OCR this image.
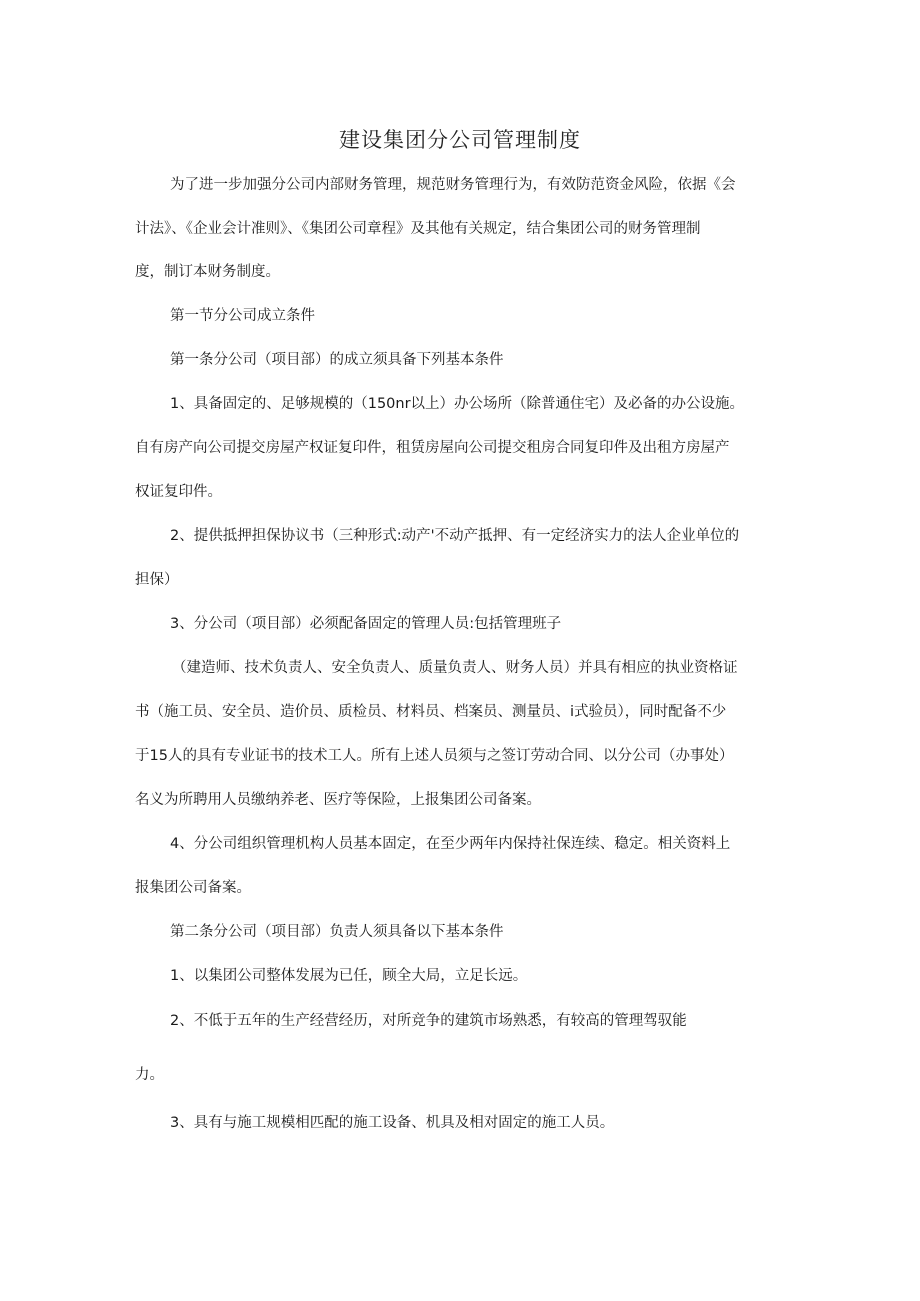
建设集团分公司管理制度
为了进一步加强分公司内部财务管理，规范财务管理行为，有效防范资金风险，依据《会
计法》、《企业会计准则》、《集团公司章程》及其他有关规定，结合集团公司的财务管理制
度，制订本财务制度。
第一节分公司成立条件
第一条分公司（项目部）的成立须具备下列基本条件
1、具备固定的、足够规模的（150nr以上）办公场所（除普通住宅）及必备的办公设施。
自有房产向公司提交房屋产权证复印件，租赁房屋向公司提交租房合同复印件及出租方房屋产
权证复印件。
2、提供抵押担保协议书（三种形式:动产'不动产抵押、有一定经济实力的法人企业单位的
担保）
3、分公司（项目部）必须配备固定的管理人员:包括管理班子
（建造师、技术负责人、安全负责人、质量负责人、财务人员）并具有相应的执业资格证
书（施工员、安全员、造价员、质检员、材料员、档案员、测量员、i式验员），同时配备不少
于15人的具有专业证书的技术工人。所有上述人员须与之签订劳动合同、以分公司（办事处）
名义为所聘用人员缴纳养老、医疗等保险，上报集团公司备案。
4、分公司组织管理机构人员基本固定，在至少两年内保持社保连续、稳定。相关资料上
报集团公司备案。
第二条分公司（项目部）负责人须具备以下基本条件
1、以集团公司整体发展为已任，顾全大局，立足长远。
2、不低于五年的生产经营经历，对所竞争的建筑市场熟悉，有较高的管理驾驭能
力。
3、具有与施工规模相匹配的施工设备、机具及相对固定的施工人员。
